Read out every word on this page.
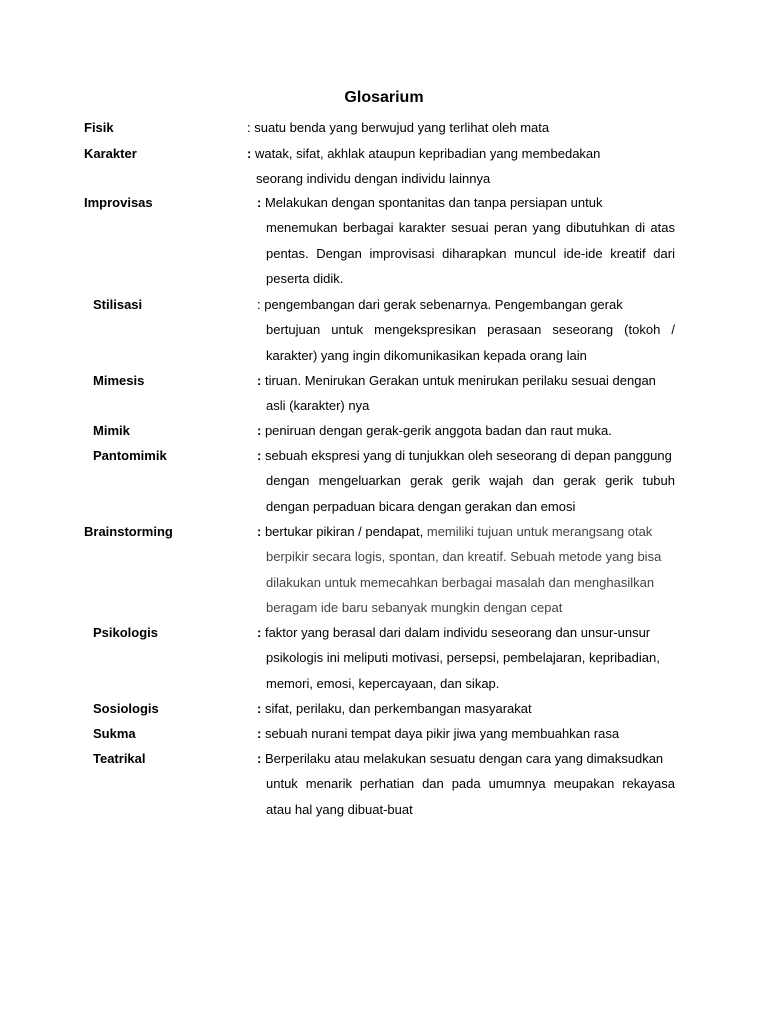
Glosarium
Fisik	: suatu benda yang berwujud yang terlihat oleh mata
Karakter	: watak, sifat, akhlak ataupun kepribadian yang membedakan
seorang individu dengan individu lainnya
Improvisas	: Melakukan dengan spontanitas dan tanpa persiapan untuk
menemukan berbagai karakter sesuai peran yang dibutuhkan di atas
pentas. Dengan improvisasi diharapkan muncul ide-ide kreatif dari
peserta didik.
Stilisasi	: pengembangan dari gerak sebenarnya. Pengembangan gerak
bertujuan untuk mengekspresikan perasaan seseorang (tokoh /
karakter) yang ingin dikomunikasikan kepada orang lain
Mimesis	: tiruan. Menirukan Gerakan untuk menirukan perilaku sesuai dengan
asli (karakter) nya
Mimik	: peniruan dengan gerak-gerik anggota badan dan raut muka.
Pantomimik	: sebuah ekspresi yang di tunjukkan oleh seseorang di depan panggung
dengan mengeluarkan gerak gerik wajah dan gerak gerik tubuh
dengan perpaduan bicara dengan gerakan dan emosi
Brainstorming	: bertukar pikiran / pendapat, memiliki tujuan untuk merangsang otak
berpikir secara logis, spontan, dan kreatif. Sebuah metode yang bisa
dilakukan untuk memecahkan berbagai masalah dan menghasilkan
beragam ide baru sebanyak mungkin dengan cepat
Psikologis	: faktor yang berasal dari dalam individu seseorang dan unsur-unsur
psikologis ini meliputi motivasi, persepsi, pembelajaran, kepribadian,
memori, emosi, kepercayaan, dan sikap.
Sosiologis	: sifat, perilaku, dan perkembangan masyarakat
Sukma	: sebuah nurani tempat daya pikir jiwa yang membuahkan rasa
Teatrikal	: Berperilaku atau melakukan sesuatu dengan cara yang dimaksudkan
untuk menarik perhatian dan pada umumnya meupakan rekayasa
atau hal yang dibuat-buat
